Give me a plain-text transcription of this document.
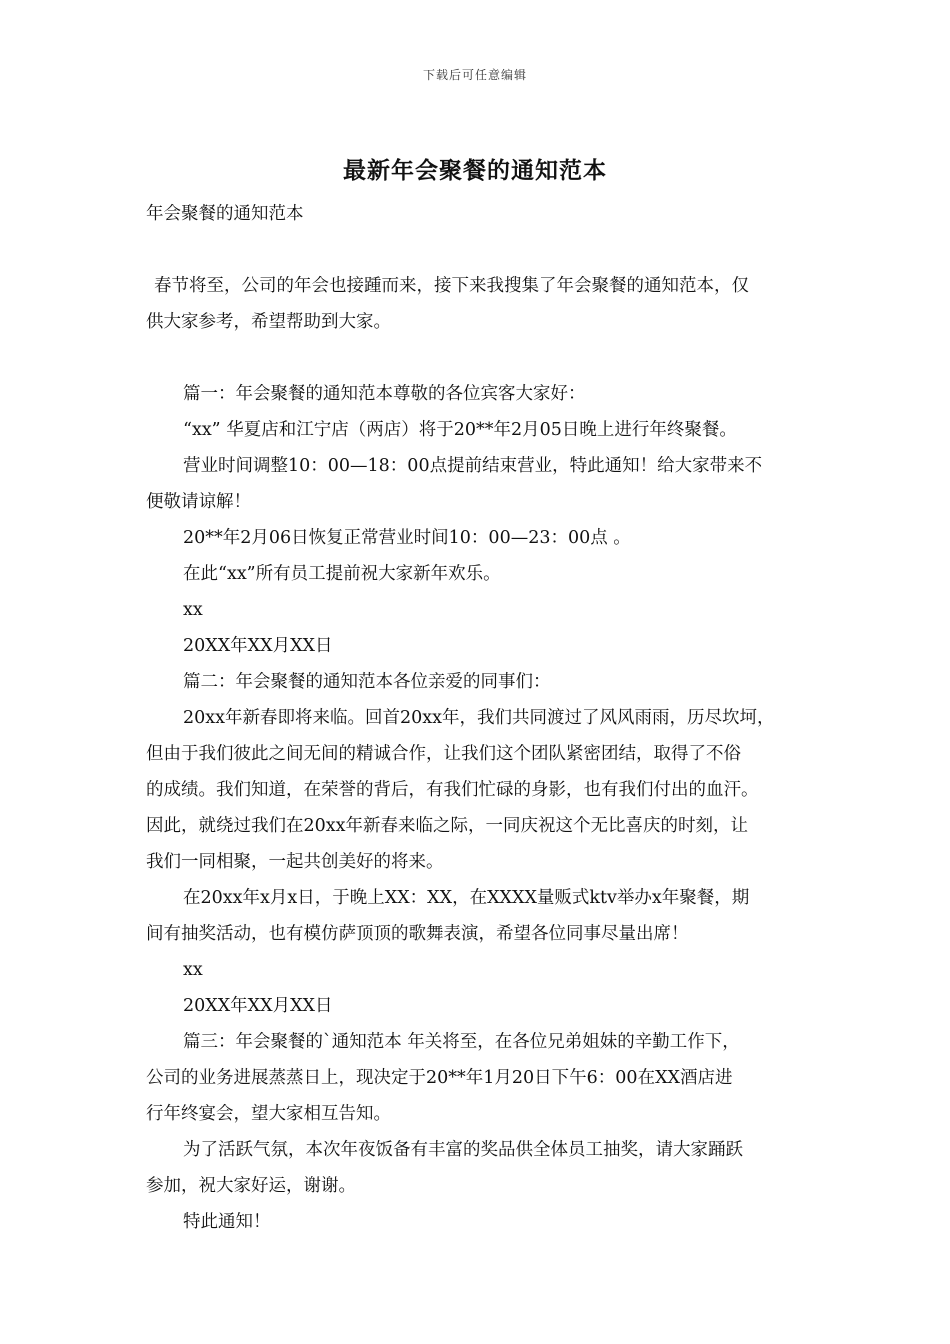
下载后可任意编辑
最新年会聚餐的通知范本
年会聚餐的通知范本
春节将至，公司的年会也接踵而来，接下来我搜集了年会聚餐的通知范本，仅
供大家参考，希望帮助到大家。
篇一：年会聚餐的通知范本尊敬的各位宾客大家好：
“xx” 华夏店和江宁店（两店）将于20**年2月05日晚上进行年终聚餐。
营业时间调整10：00—18：00点提前结束营业，特此通知！给大家带来不
便敬请谅解！
20**年2月06日恢复正常营业时间10：00—23：00点 。
在此“xx”所有员工提前祝大家新年欢乐。
xx
20XX年XX月XX日
篇二：年会聚餐的通知范本各位亲爱的同事们：
20xx年新春即将来临。回首20xx年，我们共同渡过了风风雨雨，历尽坎坷，
但由于我们彼此之间无间的精诚合作，让我们这个团队紧密团结，取得了不俗
的成绩。我们知道，在荣誉的背后，有我们忙碌的身影，也有我们付出的血汗。
因此，就绕过我们在20xx年新春来临之际，一同庆祝这个无比喜庆的时刻，让
我们一同相聚，一起共创美好的将来。
在20xx年x月x日，于晚上XX：XX，在XXXX量贩式ktv举办x年聚餐，期
间有抽奖活动，也有模仿萨顶顶的歌舞表演，希望各位同事尽量出席！
xx
20XX年XX月XX日
篇三：年会聚餐的`通知范本 年关将至，在各位兄弟姐妹的辛勤工作下，
公司的业务进展蒸蒸日上，现决定于20**年1月20日下午6：00在XX酒店进
行年终宴会，望大家相互告知。
为了活跃气氛，本次年夜饭备有丰富的奖品供全体员工抽奖，请大家踊跃
参加，祝大家好运，谢谢。
特此通知！
